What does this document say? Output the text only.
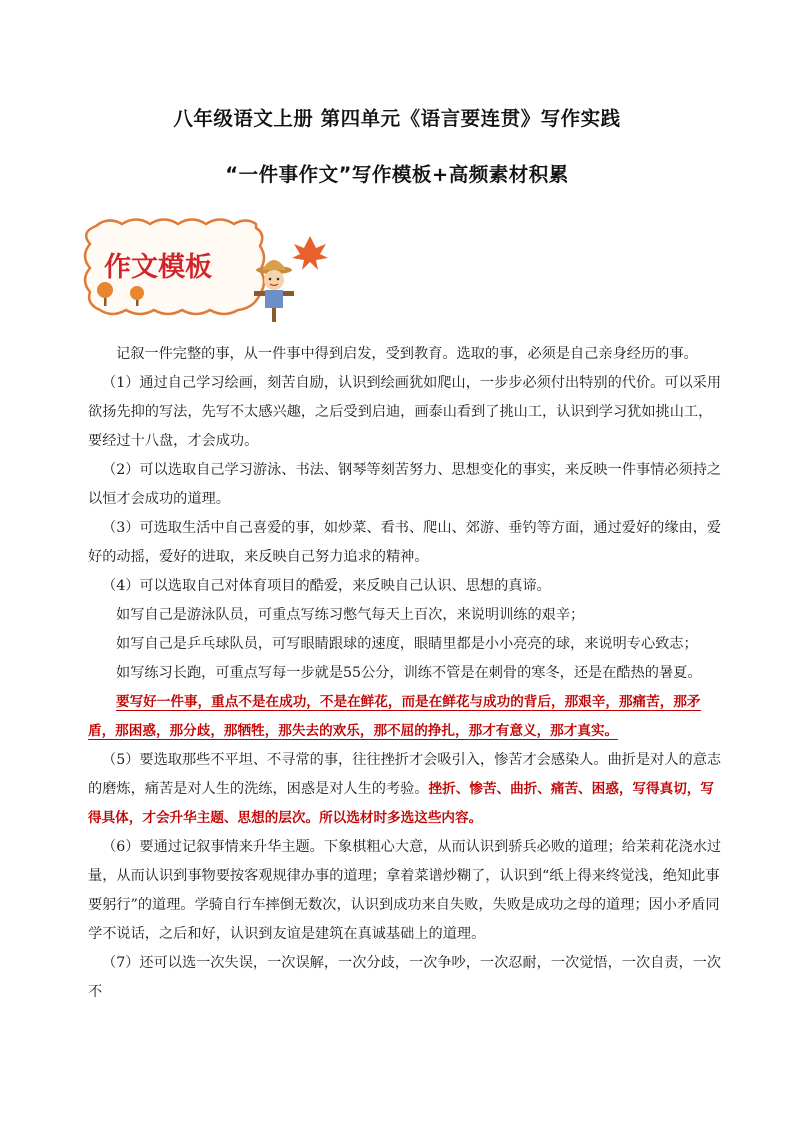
八年级语文上册 第四单元《语言要连贯》写作实践
“一件事作文”写作模板+高频素材积累
作文模板

记叙一件完整的事，从一件事中得到启发，受到教育。选取的事，必须是自己亲身经历的事。

（1）通过自己学习绘画，刻苦自励，认识到绘画犹如爬山，一步步必须付出特别的代价。可以采用欲扬先抑的写法，先写不太感兴趣，之后受到启迪，画泰山看到了挑山工，认识到学习犹如挑山工，要经过十八盘，才会成功。

（2）可以选取自己学习游泳、书法、钢琴等刻苦努力、思想变化的事实，来反映一件事情必须持之以恒才会成功的道理。

（3）可选取生活中自己喜爱的事，如炒菜、看书、爬山、郊游、垂钓等方面，通过爱好的缘由，爱好的动摇，爱好的进取，来反映自己努力追求的精神。

（4）可以选取自己对体育项目的酷爱，来反映自己认识、思想的真谛。

如写自己是游泳队员，可重点写练习憋气每天上百次，来说明训练的艰辛；

如写自己是乒乓球队员，可写眼睛跟球的速度，眼睛里都是小小亮亮的球，来说明专心致志；

如写练习长跑，可重点写每一步就是55公分，训练不管是在刺骨的寒冬，还是在酷热的暑夏。

要写好一件事，重点不是在成功，不是在鲜花，而是在鲜花与成功的背后，那艰辛，那痛苦，那矛盾，那困惑，那分歧，那牺牲，那失去的欢乐，那不屈的挣扎，那才有意义，那才真实。

（5）要选取那些不平坦、不寻常的事，往往挫折才会吸引入，惨苦才会感染人。曲折是对人的意志的磨炼，痛苦是对人生的洗练，困惑是对人生的考验。挫折、惨苦、曲折、痛苦、困惑，写得真切，写得具体，才会升华主题、思想的层次。所以选材时多选这些内容。

（6）要通过记叙事情来升华主题。下象棋粗心大意，从而认识到骄兵必败的道理；给茉莉花浇水过量，从而认识到事物要按客观规律办事的道理；拿着菜谱炒糊了，认识到“纸上得来终觉浅，绝知此事要躬行”的道理。学骑自行车摔倒无数次，认识到成功来自失败，失败是成功之母的道理；因小矛盾同学不说话，之后和好，认识到友谊是建筑在真诚基础上的道理。

（7）还可以选一次失误，一次误解，一次分歧，一次争吵，一次忍耐，一次觉悟，一次自责，一次不
